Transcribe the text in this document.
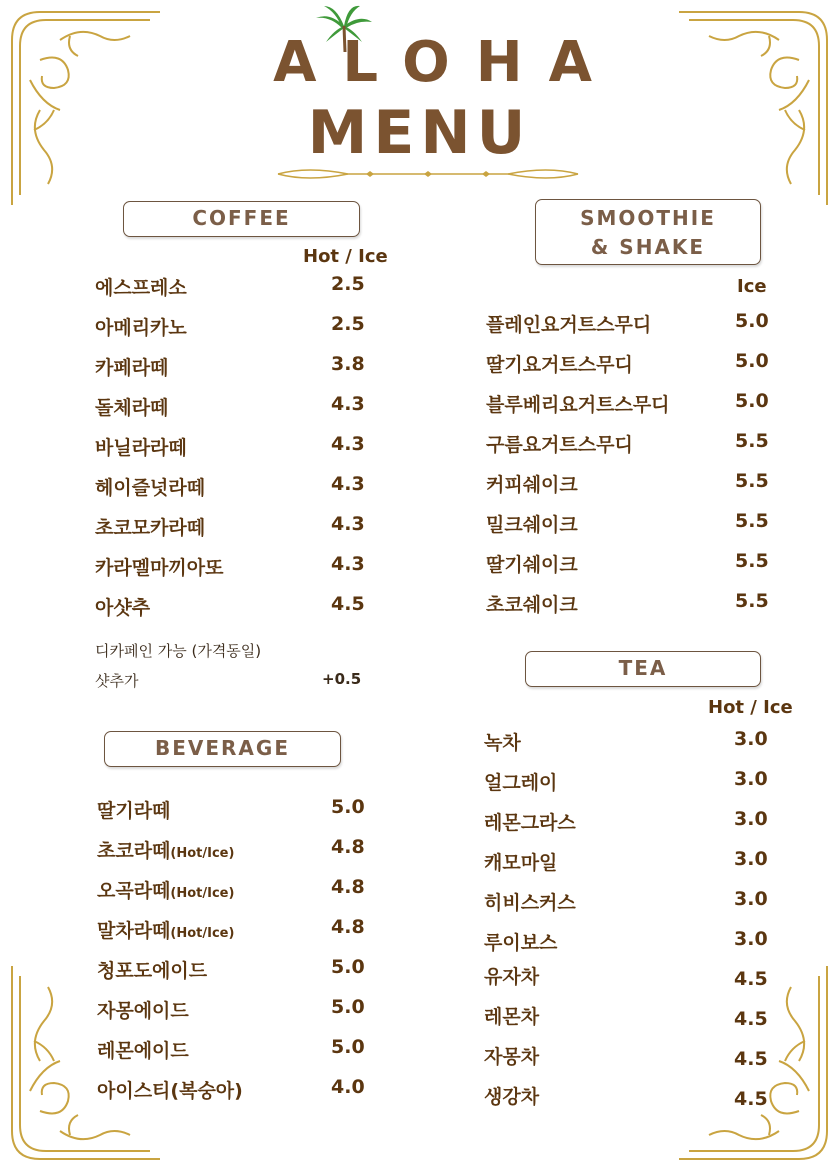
ALOHA
MENU
COFFEE
Hot / Ice
에스프레소	2.5
아메리카노	2.5
카페라떼	3.8
돌체라떼	4.3
바닐라라떼	4.3
헤이즐넛라떼	4.3
초코모카라떼	4.3
카라멜마끼아또	4.3
아샷추	4.5
디카페인 가능 (가격동일)
샷추가	+0.5
BEVERAGE
딸기라떼	5.0
초코라떼(Hot/Ice)	4.8
오곡라떼(Hot/Ice)	4.8
말차라떼(Hot/Ice)	4.8
청포도에이드	5.0
자몽에이드	5.0
레몬에이드	5.0
아이스티(복숭아)	4.0
SMOOTHIE
& SHAKE
Ice
플레인요거트스무디	5.0
딸기요거트스무디	5.0
블루베리요거트스무디	5.0
구름요거트스무디	5.5
커피쉐이크	5.5
밀크쉐이크	5.5
딸기쉐이크	5.5
초코쉐이크	5.5
TEA
Hot / Ice
녹차	3.0
얼그레이	3.0
레몬그라스	3.0
캐모마일	3.0
히비스커스	3.0
루이보스	3.0
유자차	4.5
레몬차	4.5
자몽차	4.5
생강차	4.5
